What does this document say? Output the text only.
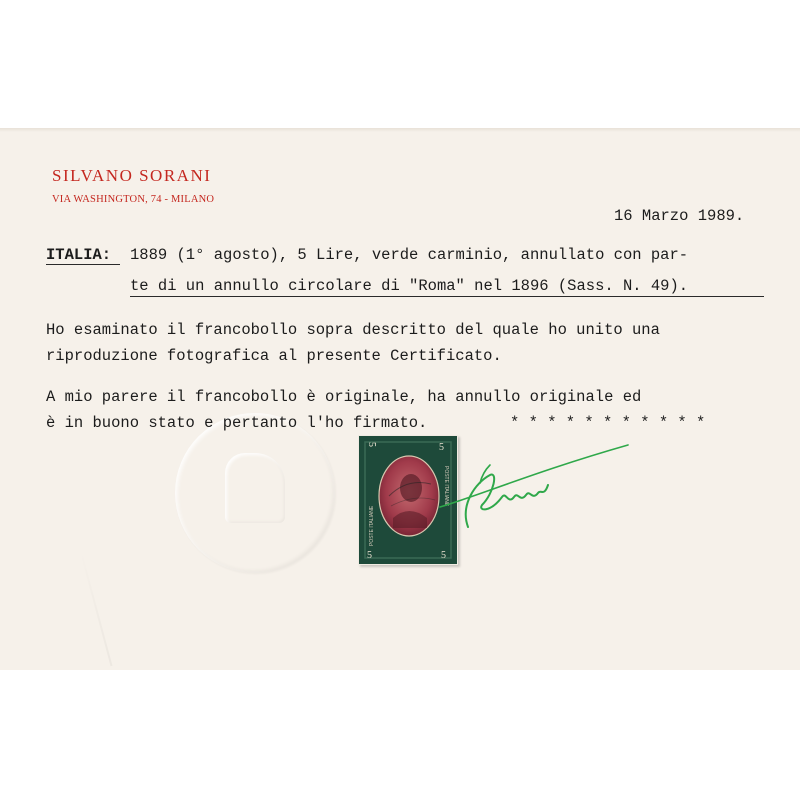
SILVANO SORANI
VIA WASHINGTON, 74 - MILANO
16 Marzo 1989.
ITALIA: 1889 (1° agosto), 5 Lire, verde carminio, annullato con par-
te di un annullo circolare di "Roma" nel 1896 (Sass. N. 49).
Ho esaminato il francobollo sopra descritto del quale ho unito una
riproduzione fotografica al presente Certificato.
A mio parere il francobollo è originale, ha annullo originale ed
è in buono stato e pertanto l'ho firmato.	* * * * * * * * * * *
5	5
5	5
POSTE ITALIANE
POSTE ITALIANE
